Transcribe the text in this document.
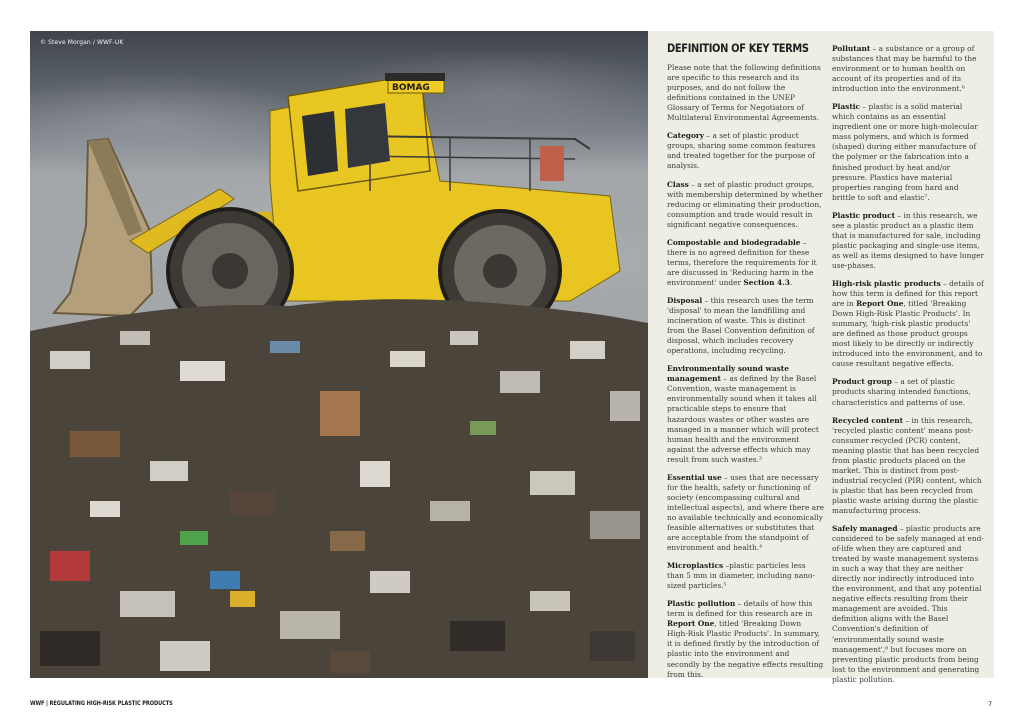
BOMAG
© Steve Morgan / WWF-UK	DEFINITION OF KEY TERMS

Please note that the following definitions are specific to this research and its purposes, and do not follow the definitions contained in the UNEP Glossary of Terms for Negotiators of Multilateral Environmental Agreements.

Category – a set of plastic product groups, sharing some common features and treated together for the purpose of analysis.

Class – a set of plastic product groups, with membership determined by whether reducing or eliminating their production, consumption and trade would result in significant negative consequences.

Compostable and biodegradable – there is no agreed definition for these terms, therefore the requirements for it are discussed in 'Reducing harm in the environment' under Section 4.3.

Disposal – this research uses the term 'disposal' to mean the landfilling and incineration of waste. This is distinct from the Basel Convention definition of disposal, which includes recovery operations, including recycling.

Environmentally sound waste management – as defined by the Basel Convention, waste management is environmentally sound when it takes all practicable steps to ensure that hazardous wastes or other wastes are managed in a manner which will protect human health and the environment against the adverse effects which may result from such wastes.³

Essential use – uses that are necessary for the health, safety or functioning of society (encompassing cultural and intellectual aspects), and where there are no available technically and economically feasible alternatives or substitutes that are acceptable from the standpoint of environment and health.⁴

Microplastics –plastic particles less than 5 mm in diameter, including nano-sized particles.⁵

Plastic pollution – details of how this term is defined for this research are in Report One, titled 'Breaking Down High-Risk Plastic Products'. In summary, it is defined firstly by the introduction of plastic into the environment and secondly by the negative effects resulting from this.

Pollutant – a substance or a group of substances that may be harmful to the environment or to human health on account of its properties and of its introduction into the environment.⁶

Plastic – plastic is a solid material which contains as an essential ingredient one or more high-molecular mass polymers, and which is formed (shaped) during either manufacture of the polymer or the fabrication into a finished product by heat and/or pressure. Plastics have material properties ranging from hard and brittle to soft and elastic⁷.

Plastic product – in this research, we see a plastic product as a plastic item that is manufactured for sale, including plastic packaging and single-use items, as well as items designed to have longer use-phases.

High-risk plastic products – details of how this term is defined for this report are in Report One, titled 'Breaking Down High-Risk Plastic Products'. In summary, 'high-risk plastic products' are defined as those product groups most likely to be directly or indirectly introduced into the environment, and to cause resultant negative effects.

Product group – a set of plastic products sharing intended functions, characteristics and patterns of use.

Recycled content – in this research, 'recycled plastic content' means post-consumer recycled (PCR) content, meaning plastic that has been recycled from plastic products placed on the market. This is distinct from post-industrial recycled (PIR) content, which is plastic that has been recycled from plastic waste arising during the plastic manufacturing process.

Safely managed – plastic products are considered to be safely managed at end-of-life when they are captured and treated by waste management systems in such a way that they are neither directly nor indirectly introduced into the environment, and that any potential negative effects resulting from their management are avoided. This definition aligns with the Basel Convention's definition of 'environmentally sound waste management',⁸ but focuses more on preventing plastic products from being lost to the environment and generating plastic pollution.

WWF | REGULATING HIGH-RISK PLASTIC PRODUCTS	7
